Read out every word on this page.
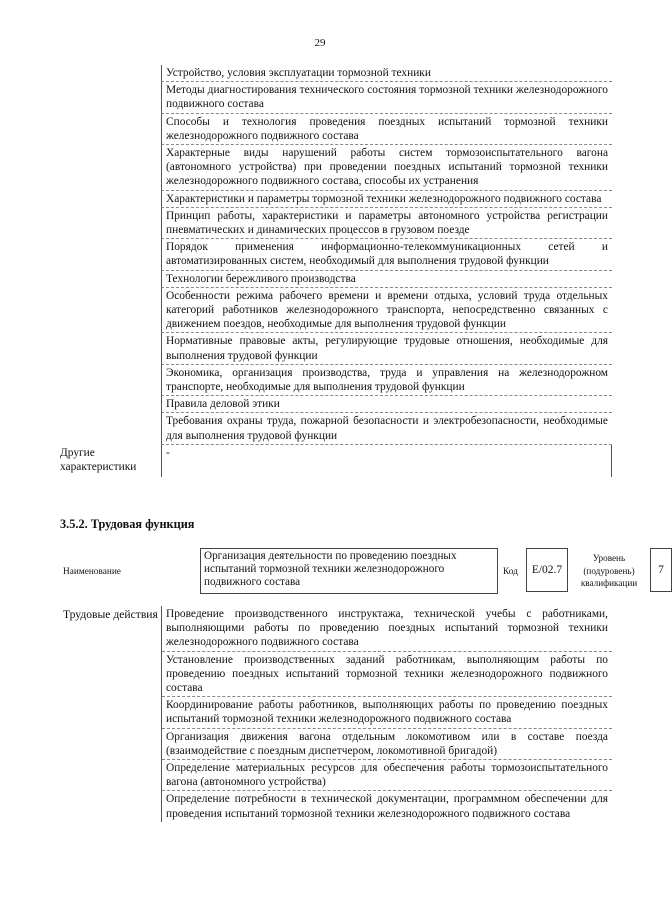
29
Устройство, условия эксплуатации тормозной техники
Методы диагностирования технического состояния тормозной техники железнодорожного подвижного состава
Способы и технология проведения поездных испытаний тормозной техники железнодорожного подвижного состава
Характерные виды нарушений работы систем тормозоиспытательного вагона (автономного устройства) при проведении поездных испытаний тормозной техники железнодорожного подвижного состава, способы их устранения
Характеристики и параметры тормозной техники железнодорожного подвижного состава
Принцип работы, характеристики и параметры автономного устройства регистрации пневматических и динамических процессов в грузовом поезде
Порядок применения информационно-телекоммуникационных сетей и автоматизированных систем, необходимый для выполнения трудовой функции
Технологии бережливого производства
Особенности режима рабочего времени и времени отдыха, условий труда отдельных категорий работников железнодорожного транспорта, непосредственно связанных с движением поездов, необходимые для выполнения трудовой функции
Нормативные правовые акты, регулирующие трудовые отношения, необходимые для выполнения трудовой функции
Экономика, организация производства, труда и управления на железнодорожном транспорте, необходимые для выполнения трудовой функции
Правила деловой этики
Требования охраны труда, пожарной безопасности и электробезопасности, необходимые для выполнения трудовой функции
Другие характеристики
-
3.5.2. Трудовая функция
Наименование
Организация деятельности по проведению поездных испытаний тормозной техники железнодорожного подвижного состава
Код	E/02.7
Уровень (подуровень) квалификации
7
Трудовые действия Проведение производственного инструктажа, технической учебы с работниками, выполняющими работы по проведению поездных испытаний тормозной техники железнодорожного подвижного состава
Установление производственных заданий работникам, выполняющим работы по проведению поездных испытаний тормозной техники железнодорожного подвижного состава
Координирование работы работников, выполняющих работы по проведению поездных испытаний тормозной техники железнодорожного подвижного состава
Организация движения вагона отдельным локомотивом или в составе поезда (взаимодействие с поездным диспетчером, локомотивной бригадой)
Определение материальных ресурсов для обеспечения работы тормозоиспытательного вагона (автономного устройства)
Определение потребности в технической документации, программном обеспечении для проведения испытаний тормозной техники железнодорожного подвижного состава
